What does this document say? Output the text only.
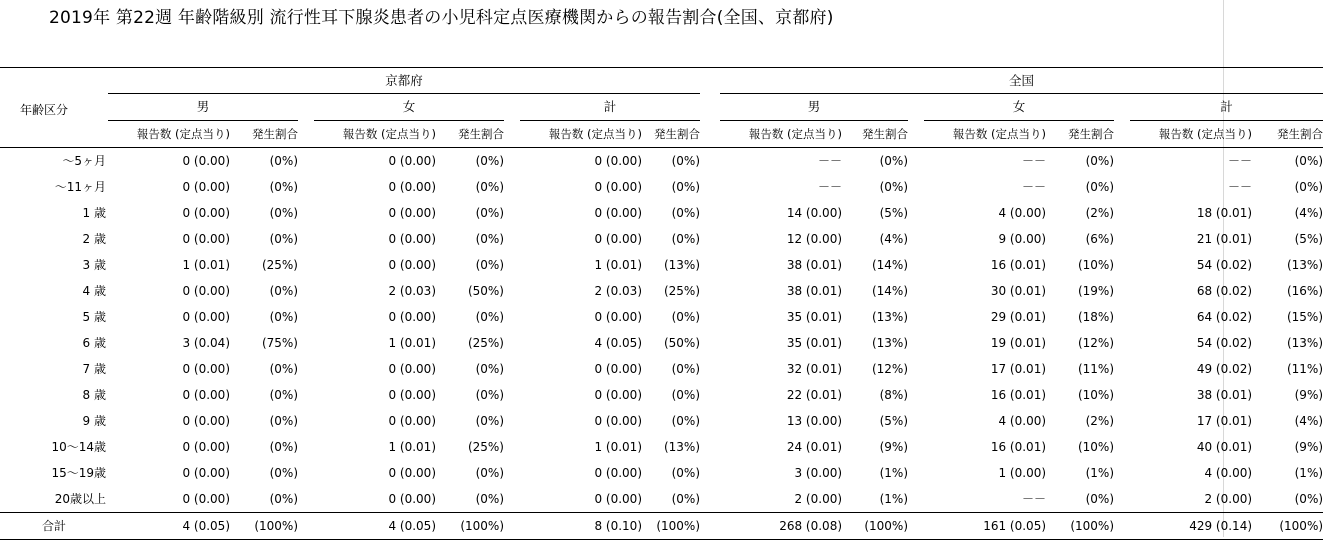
2019年 第22週 年齢階級別 流行性耳下腺炎患者の小児科定点医療機関からの報告割合(全国、京都府)
年齢区分	京都府									全国							
	男			女			計			男			女			計	
	報告数 (定点当り)	発生割合		報告数 (定点当り)	発生割合		報告数 (定点当り)	発生割合		報告数 (定点当り)	発生割合		報告数 (定点当り)	発生割合		報告数 (定点当り)	発生割合
～5ヶ月	0 (0.00)	(0%)		0 (0.00)	(0%)		0 (0.00)	(0%)		－－	(0%)		－－	(0%)		－－	(0%)
～11ヶ月	0 (0.00)	(0%)		0 (0.00)	(0%)		0 (0.00)	(0%)		－－	(0%)		－－	(0%)		－－	(0%)
1 歳	0 (0.00)	(0%)		0 (0.00)	(0%)		0 (0.00)	(0%)		14 (0.00)	(5%)		4 (0.00)	(2%)		18 (0.01)	(4%)
2 歳	0 (0.00)	(0%)		0 (0.00)	(0%)		0 (0.00)	(0%)		12 (0.00)	(4%)		9 (0.00)	(6%)		21 (0.01)	(5%)
3 歳	1 (0.01)	(25%)		0 (0.00)	(0%)		1 (0.01)	(13%)		38 (0.01)	(14%)		16 (0.01)	(10%)		54 (0.02)	(13%)
4 歳	0 (0.00)	(0%)		2 (0.03)	(50%)		2 (0.03)	(25%)		38 (0.01)	(14%)		30 (0.01)	(19%)		68 (0.02)	(16%)
5 歳	0 (0.00)	(0%)		0 (0.00)	(0%)		0 (0.00)	(0%)		35 (0.01)	(13%)		29 (0.01)	(18%)		64 (0.02)	(15%)
6 歳	3 (0.04)	(75%)		1 (0.01)	(25%)		4 (0.05)	(50%)		35 (0.01)	(13%)		19 (0.01)	(12%)		54 (0.02)	(13%)
7 歳	0 (0.00)	(0%)		0 (0.00)	(0%)		0 (0.00)	(0%)		32 (0.01)	(12%)		17 (0.01)	(11%)		49 (0.02)	(11%)
8 歳	0 (0.00)	(0%)		0 (0.00)	(0%)		0 (0.00)	(0%)		22 (0.01)	(8%)		16 (0.01)	(10%)		38 (0.01)	(9%)
9 歳	0 (0.00)	(0%)		0 (0.00)	(0%)		0 (0.00)	(0%)		13 (0.00)	(5%)		4 (0.00)	(2%)		17 (0.01)	(4%)
10～14歳	0 (0.00)	(0%)		1 (0.01)	(25%)		1 (0.01)	(13%)		24 (0.01)	(9%)		16 (0.01)	(10%)		40 (0.01)	(9%)
15～19歳	0 (0.00)	(0%)		0 (0.00)	(0%)		0 (0.00)	(0%)		3 (0.00)	(1%)		1 (0.00)	(1%)		4 (0.00)	(1%)
20歳以上	0 (0.00)	(0%)		0 (0.00)	(0%)		0 (0.00)	(0%)		2 (0.00)	(1%)		－－	(0%)		2 (0.00)	(0%)
合計	4 (0.05)	(100%)		4 (0.05)	(100%)		8 (0.10)	(100%)		268 (0.08)	(100%)		161 (0.05)	(100%)		429 (0.14)	(100%)
